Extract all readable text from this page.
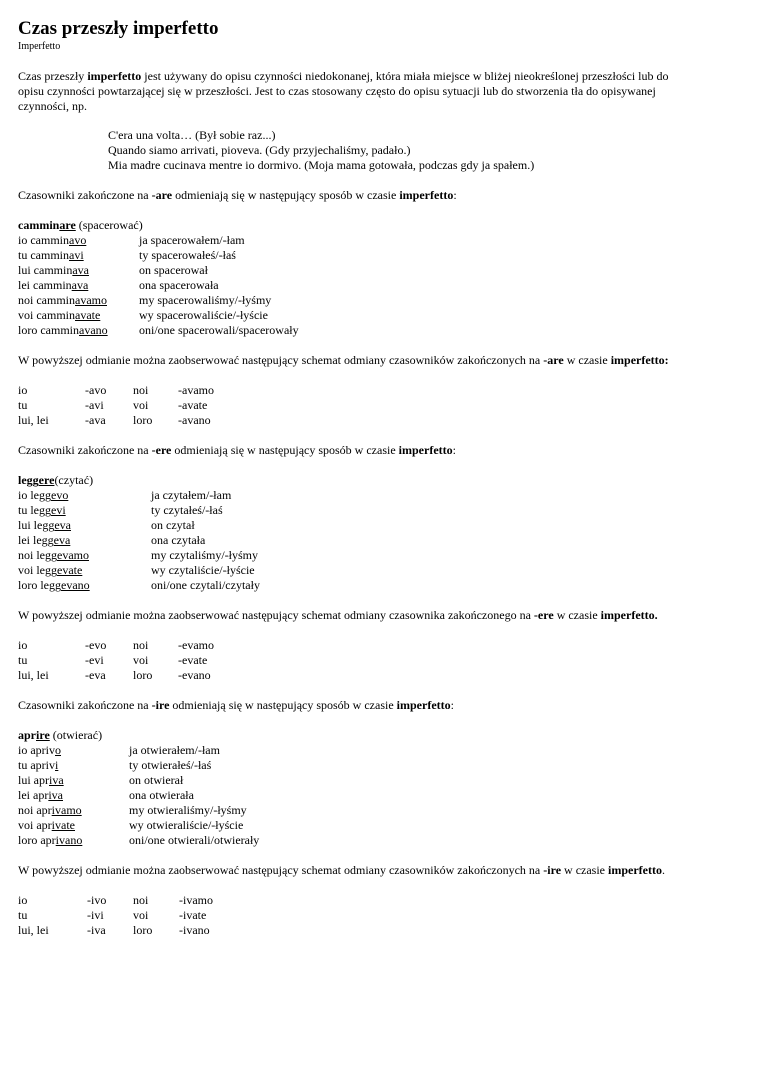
Czas przeszły imperfetto
Imperfetto

Czas przeszły imperfetto jest używany do opisu czynności niedokonanej, która miała miejsce w bliżej nieokreślonej przeszłości lub do opisu czynności powtarzającej się w przeszłości. Jest to czas stosowany często do opisu sytuacji lub do stworzenia tła do opisywanej czynności, np.

C'era una volta… (Był sobie raz...)
Quando siamo arrivati, pioveva. (Gdy przyjechaliśmy, padało.)
Mia madre cucinava mentre io dormivo. (Moja mama gotowała, podczas gdy ja spałem.)

Czasowniki zakończone na -are odmieniają się w następujący sposób w czasie imperfetto:

camminare (spacerować)

io camminavo	ja spacerowałem/-łam
tu camminavi	ty spacerowałeś/-łaś
lui camminava	on spacerował
lei camminava	ona spacerowała
noi camminavamo	my spacerowaliśmy/-łyśmy
voi camminavate	wy spacerowaliście/-łyście
loro camminavano	oni/one spacerowali/spacerowały

W powyższej odmianie można zaobserwować następujący schemat odmiany czasowników zakończonych na -are w czasie imperfetto:

io	-avo	noi	-avamo
tu	-avi	voi	-avate
lui, lei	-ava	loro	-avano

Czasowniki zakończone na -ere odmieniają się w następujący sposób w czasie imperfetto:

leggere(czytać)

io leggevo	ja czytałem/-łam
tu leggevi	ty czytałeś/-łaś
lui leggeva	on czytał
lei leggeva	ona czytała
noi leggevamo	my czytaliśmy/-łyśmy
voi leggevate	wy czytaliście/-łyście
loro leggevano	oni/one czytali/czytały

W powyższej odmianie można zaobserwować następujący schemat odmiany czasownika zakończonego na -ere w czasie imperfetto.

io	-evo	noi	-evamo
tu	-evi	voi	-evate
lui, lei	-eva	loro	-evano

Czasowniki zakończone na -ire odmieniają się w następujący sposób w czasie imperfetto:

aprire (otwierać)

io aprivo	ja otwierałem/-łam
tu aprivi	ty otwierałeś/-łaś
lui apriva	on otwierał
lei apriva	ona otwierała
noi aprivamo	my otwieraliśmy/-łyśmy
voi aprivate	wy otwieraliście/-łyście
loro aprivano	oni/one otwierali/otwierały

W powyższej odmianie można zaobserwować następujący schemat odmiany czasowników zakończonych na -ire w czasie imperfetto.

io	-ivo	noi	-ivamo
tu	-ivi	voi	-ivate
lui, lei	-iva	loro	-ivano
